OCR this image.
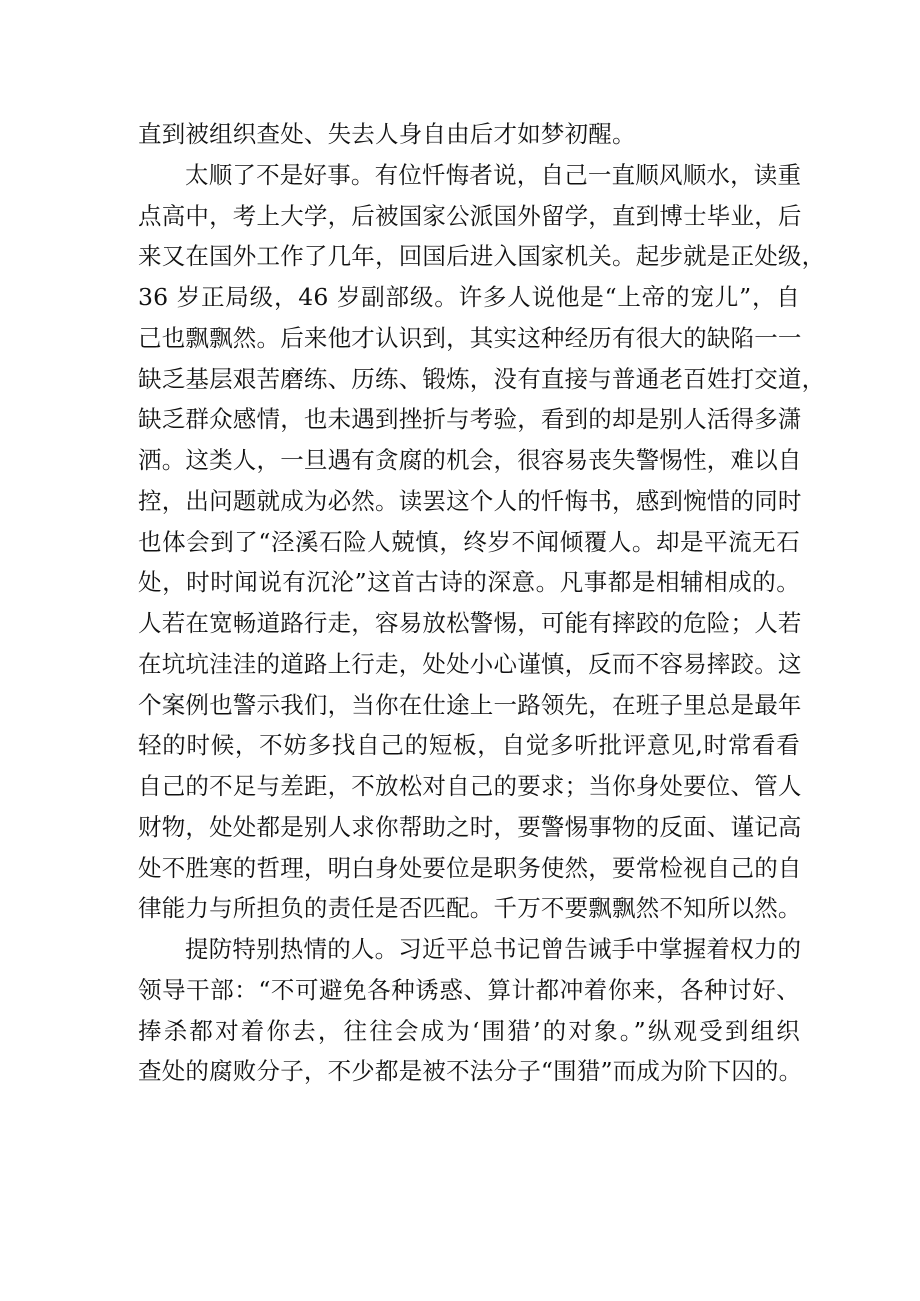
直到被组织查处、失去人身自由后才如梦初醒。
太顺了不是好事。有位忏悔者说，自己一直顺风顺水，读重
点高中，考上大学，后被国家公派国外留学，直到博士毕业，后
来又在国外工作了几年，回国后进入国家机关。起步就是正处级，
36 岁正局级，46 岁副部级。许多人说他是“上帝的宠儿”，自
己也飘飘然。后来他才认识到，其实这种经历有很大的缺陷一一
缺乏基层艰苦磨练、历练、锻炼，没有直接与普通老百姓打交道，
缺乏群众感情，也未遇到挫折与考验，看到的却是别人活得多潇
洒。这类人，一旦遇有贪腐的机会，很容易丧失警惕性，难以自
控，出问题就成为必然。读罢这个人的忏悔书，感到惋惜的同时
也体会到了“泾溪石险人兢慎，终岁不闻倾覆人。却是平流无石
处，时时闻说有沉沦”这首古诗的深意。凡事都是相辅相成的。
人若在宽畅道路行走，容易放松警惕，可能有摔跤的危险；人若
在坑坑洼洼的道路上行走，处处小心谨慎，反而不容易摔跤。这
个案例也警示我们，当你在仕途上一路领先，在班子里总是最年
轻的时候，不妨多找自己的短板，自觉多听批评意见,时常看看
自己的不足与差距，不放松对自己的要求；当你身处要位、管人
财物，处处都是别人求你帮助之时，要警惕事物的反面、谨记高
处不胜寒的哲理，明白身处要位是职务使然，要常检视自己的自
律能力与所担负的责任是否匹配。千万不要飘飘然不知所以然。
提防特别热情的人。习近平总书记曾告诫手中掌握着权力的
领导干部：“不可避免各种诱惑、算计都冲着你来，各种讨好、
捧杀都对着你去，往往会成为‘围猎’的对象。”纵观受到组织
查处的腐败分子，不少都是被不法分子“围猎”而成为阶下囚的。
